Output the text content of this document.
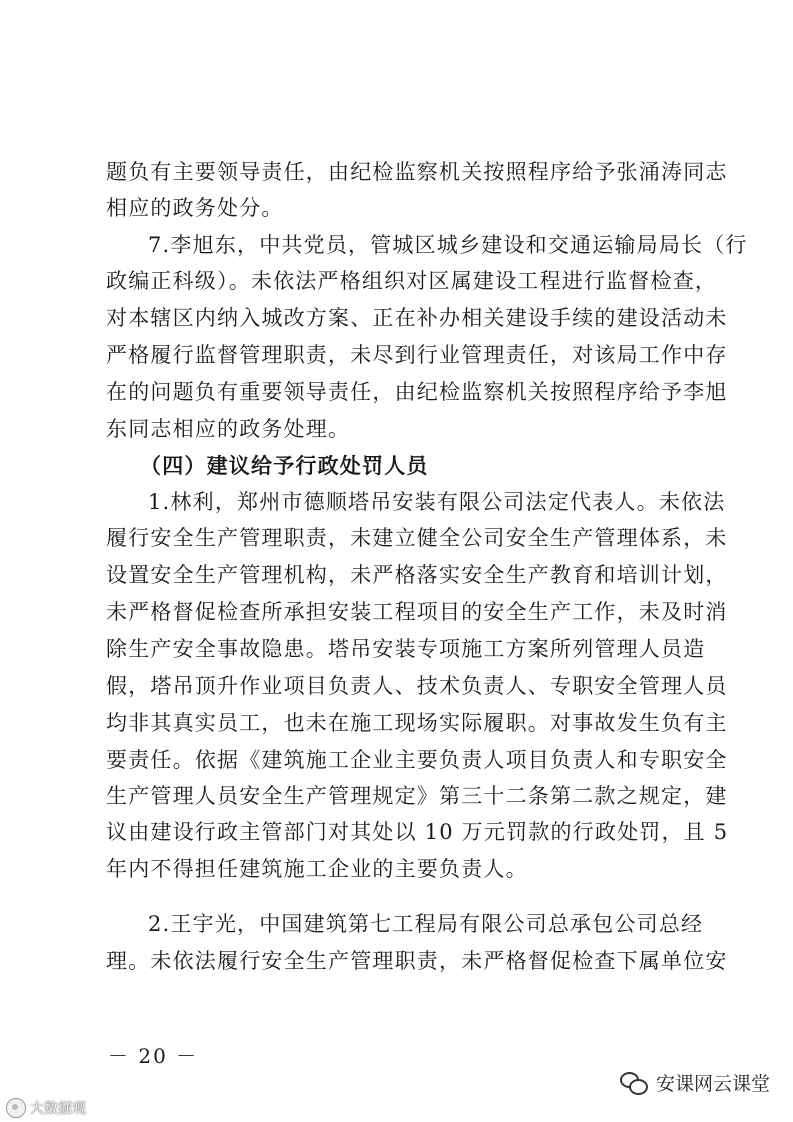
题负有主要领导责任，由纪检监察机关按照程序给予张涌涛同志
相应的政务处分。
7.李旭东，中共党员，管城区城乡建设和交通运输局局长（行
政编正科级）。未依法严格组织对区属建设工程进行监督检查，
对本辖区内纳入城改方案、正在补办相关建设手续的建设活动未
严格履行监督管理职责，未尽到行业管理责任，对该局工作中存
在的问题负有重要领导责任，由纪检监察机关按照程序给予李旭
东同志相应的政务处理。
（四）建议给予行政处罚人员
1.林利，郑州市德顺塔吊安装有限公司法定代表人。未依法
履行安全生产管理职责，未建立健全公司安全生产管理体系，未
设置安全生产管理机构，未严格落实安全生产教育和培训计划，
未严格督促检查所承担安装工程项目的安全生产工作，未及时消
除生产安全事故隐患。塔吊安装专项施工方案所列管理人员造
假，塔吊顶升作业项目负责人、技术负责人、专职安全管理人员
均非其真实员工，也未在施工现场实际履职。对事故发生负有主
要责任。依据《建筑施工企业主要负责人项目负责人和专职安全
生产管理人员安全生产管理规定》第三十二条第二款之规定，建
议由建设行政主管部门对其处以 10 万元罚款的行政处罚，且 5
年内不得担任建筑施工企业的主要负责人。
2.王宇光，中国建筑第七工程局有限公司总承包公司总经
理。未依法履行安全生产管理职责，未严格督促检查下属单位安
－ 20 －
大数据观
安课网云课堂
